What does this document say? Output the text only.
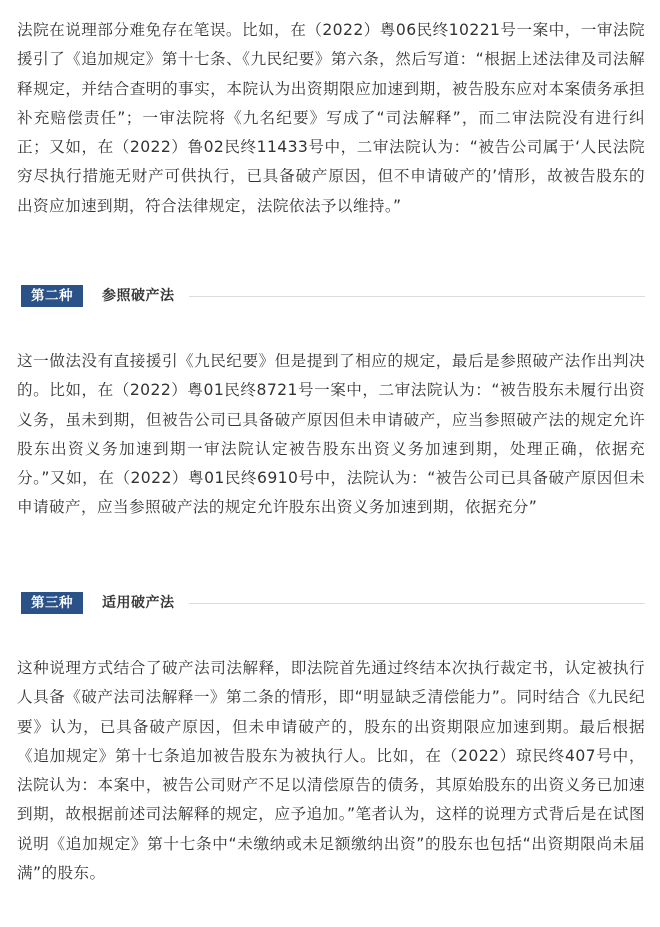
法院在说理部分难免存在笔误。比如，在（2022）粤06民终10221号一案中，一审法院援引了《追加规定》第十七条、《九民纪要》第六条，然后写道：“根据上述法律及司法解释规定，并结合查明的事实，本院认为出资期限应加速到期，被告股东应对本案债务承担补充赔偿责任”；一审法院将《九名纪要》写成了“司法解释”，而二审法院没有进行纠正；又如，在（2022）鲁02民终11433号中，二审法院认为：“被告公司属于‘人民法院穷尽执行措施无财产可供执行，已具备破产原因，但不申请破产的’情形，故被告股东的出资应加速到期，符合法律规定，法院依法予以维持。”

第二种	参照破产法

这一做法没有直接援引《九民纪要》但是提到了相应的规定，最后是参照破产法作出判决的。比如，在（2022）粤01民终8721号一案中，二审法院认为：“被告股东未履行出资义务，虽未到期，但被告公司已具备破产原因但未申请破产，应当参照破产法的规定允许股东出资义务加速到期一审法院认定被告股东出资义务加速到期，处理正确，依据充分。”又如，在（2022）粤01民终6910号中，法院认为：“被告公司已具备破产原因但未申请破产，应当参照破产法的规定允许股东出资义务加速到期，依据充分”

第三种	适用破产法

这种说理方式结合了破产法司法解释，即法院首先通过终结本次执行裁定书，认定被执行人具备《破产法司法解释一》第二条的情形，即“明显缺乏清偿能力”。同时结合《九民纪要》认为，已具备破产原因，但未申请破产的，股东的出资期限应加速到期。最后根据《追加规定》第十七条追加被告股东为被执行人。比如，在（2022）琼民终407号中，法院认为：本案中，被告公司财产不足以清偿原告的债务，其原始股东的出资义务已加速到期，故根据前述司法解释的规定，应予追加。”笔者认为，这样的说理方式背后是在试图说明《追加规定》第十七条中“未缴纳或未足额缴纳出资”的股东也包括“出资期限尚未届满”的股东。
